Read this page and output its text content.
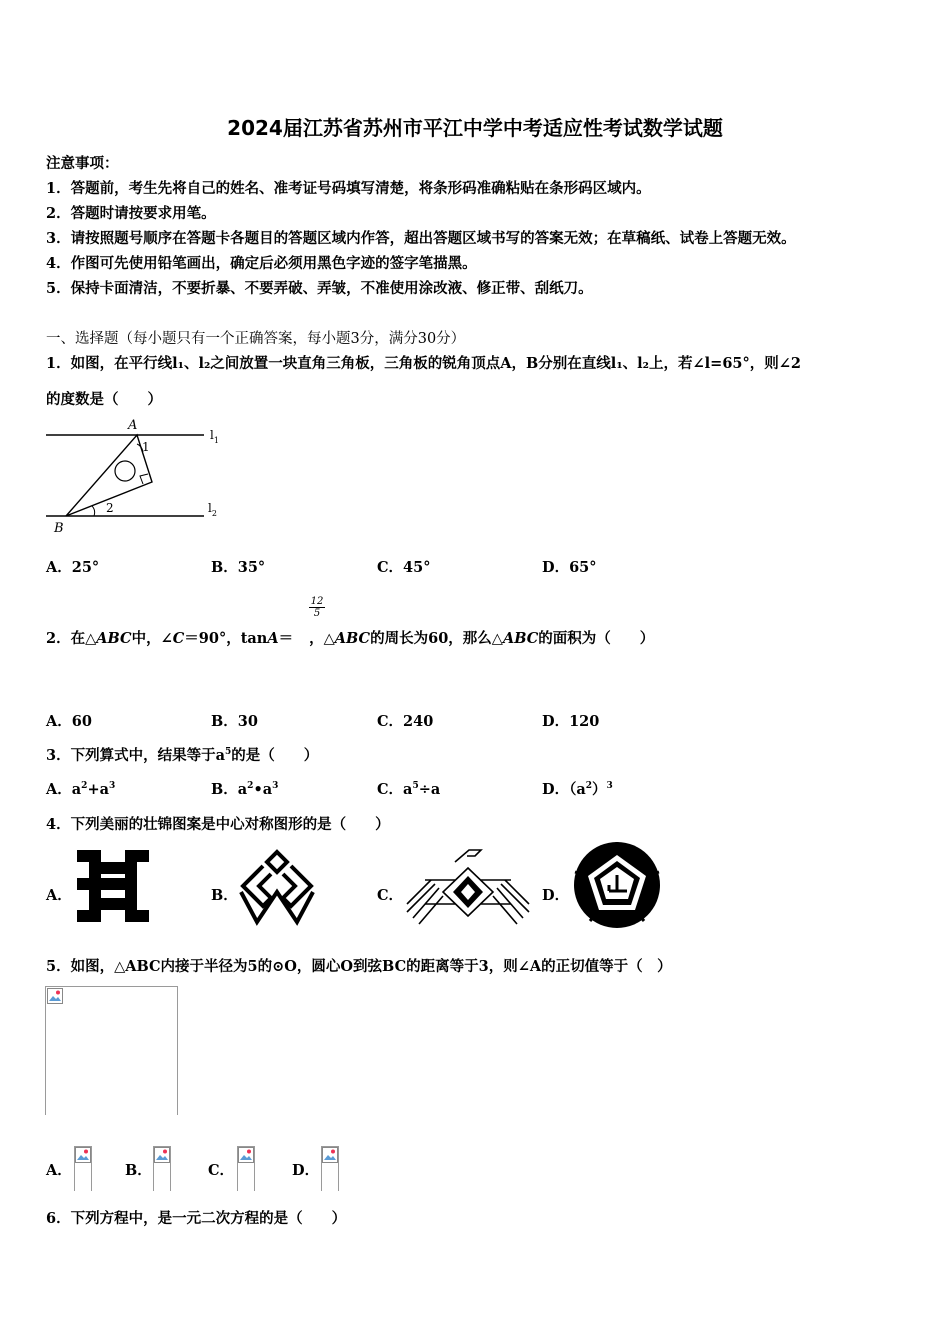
2024届江苏省苏州市平江中学中考适应性考试数学试题
注意事项：
1．答题前，考生先将自己的姓名、准考证号码填写清楚，将条形码准确粘贴在条形码区域内。
2．答题时请按要求用笔。
3．请按照题号顺序在答题卡各题目的答题区域内作答，超出答题区域书写的答案无效；在草稿纸、试卷上答题无效。
4．作图可先使用铅笔画出，确定后必须用黑色字迹的签字笔描黑。
5．保持卡面清洁，不要折暴、不要弄破、弄皱，不准使用涂改液、修正带、刮纸刀。
一、选择题（每小题只有一个正确答案，每小题3分，满分30分）
1．如图，在平行线l₁、l₂之间放置一块直角三角板，三角板的锐角顶点A，B分别在直线l₁、l₂上，若∠l=65°，则∠2
的度数是（　　）
A
1
B
2
$l_1$
$l_2$
A．25°	B．35°	C．45°	D．65°
$\frac{12}{5}$
2．在△ABC中，∠C＝90°，tanA＝ ，△ABC的周长为60，那么△ABC的面积为（　　）
A．60	B．30	C．240	D．120
3．下列算式中，结果等于$a^5$的是（　　）
A．$a^2+a^3$	B．$a^2•a^3$	C．$a^5\div a$	D．$(a^2)^3$
4．下列美丽的壮锦图案是中心对称图形的是（　　）
A．	B．	C．	D．
5．如图，△ABC内接于半径为5的⊙O，圆心O到弦BC的距离等于3，则∠A的正切值等于（　）
A．	B．	C．	D．
6．下列方程中，是一元二次方程的是（　　）
